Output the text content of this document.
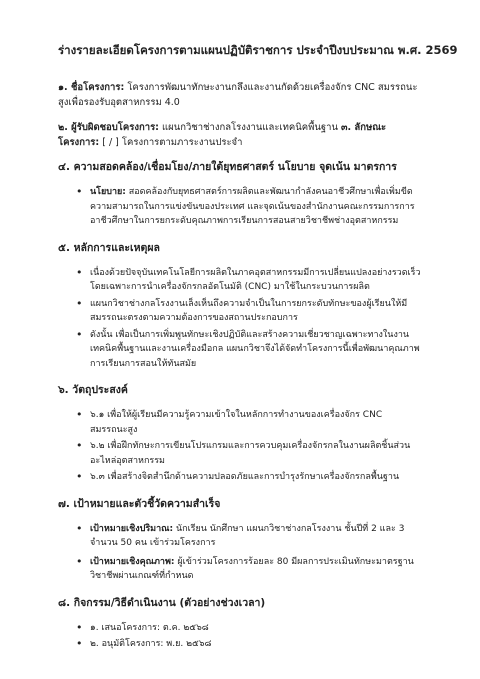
ร่างรายละเอียดโครงการตามแผนปฏิบัติราชการ ประจำปีงบประมาณ พ.ศ. 2569

๑. ชื่อโครงการ: โครงการพัฒนาทักษะงานกลึงและงานกัดด้วยเครื่องจักร CNC สมรรถนะสูงเพื่อรองรับอุตสาหกรรม 4.0

๒. ผู้รับผิดชอบโครงการ: แผนกวิชาช่างกลโรงงานและเทคนิคพื้นฐาน ๓. ลักษณะโครงการ: [ / ] โครงการตามภาระงานประจำ

๔. ความสอดคล้อง/เชื่อมโยง/ภายใต้ยุทธศาสตร์ นโยบาย จุดเน้น มาตรการ
• นโยบาย: สอดคล้องกับยุทธศาสตร์การผลิตและพัฒนากำลังคนอาชีวศึกษาเพื่อเพิ่มขีดความสามารถในการแข่งขันของประเทศ และจุดเน้นของสำนักงานคณะกรรมการการอาชีวศึกษาในการยกระดับคุณภาพการเรียนการสอนสายวิชาชีพช่างอุตสาหกรรม
๕. หลักการและเหตุผล
• เนื่องด้วยปัจจุบันเทคโนโลยีการผลิตในภาคอุตสาหกรรมมีการเปลี่ยนแปลงอย่างรวดเร็ว โดยเฉพาะการนำเครื่องจักรกลอัตโนมัติ (CNC) มาใช้ในกระบวนการผลิต
• แผนกวิชาช่างกลโรงงานเล็งเห็นถึงความจำเป็นในการยกระดับทักษะของผู้เรียนให้มีสมรรถนะตรงตามความต้องการของสถานประกอบการ
• ดังนั้น เพื่อเป็นการเพิ่มพูนทักษะเชิงปฏิบัติและสร้างความเชี่ยวชาญเฉพาะทางในงานเทคนิคพื้นฐานและงานเครื่องมือกล แผนกวิชาจึงได้จัดทำโครงการนี้เพื่อพัฒนาคุณภาพการเรียนการสอนให้ทันสมัย
๖. วัตถุประสงค์
• ๖.๑ เพื่อให้ผู้เรียนมีความรู้ความเข้าใจในหลักการทำงานของเครื่องจักร CNC สมรรถนะสูง
• ๖.๒ เพื่อฝึกทักษะการเขียนโปรแกรมและการควบคุมเครื่องจักรกลในงานผลิตชิ้นส่วนอะไหล่อุตสาหกรรม
• ๖.๓ เพื่อสร้างจิตสำนึกด้านความปลอดภัยและการบำรุงรักษาเครื่องจักรกลพื้นฐาน
๗. เป้าหมายและตัวชี้วัดความสำเร็จ
• เป้าหมายเชิงปริมาณ: นักเรียน นักศึกษา แผนกวิชาช่างกลโรงงาน ชั้นปีที่ 2 และ 3 จำนวน 50 คน เข้าร่วมโครงการ
• เป้าหมายเชิงคุณภาพ: ผู้เข้าร่วมโครงการร้อยละ 80 มีผลการประเมินทักษะมาตรฐานวิชาชีพผ่านเกณฑ์ที่กำหนด
๘. กิจกรรม/วิธีดำเนินงาน (ตัวอย่างช่วงเวลา)
• ๑. เสนอโครงการ: ต.ค. ๒๕๖๘
• ๒. อนุมัติโครงการ: พ.ย. ๒๕๖๘
